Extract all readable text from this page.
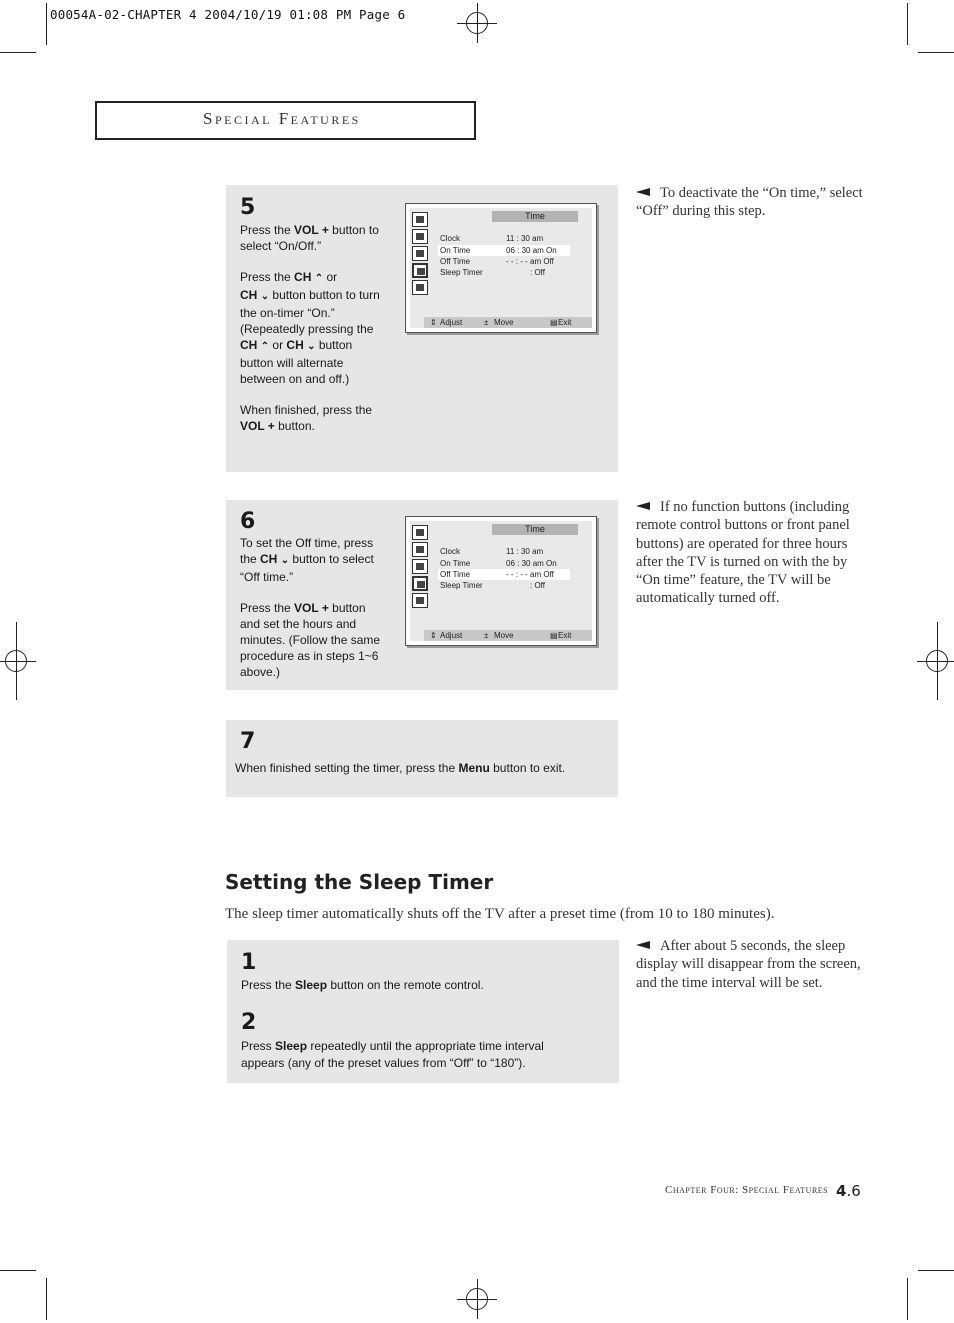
00054A-02-CHAPTER 4 2004/10/19 01:08 PM Page 6
Special Features
5

Press the VOL + button to select “On/Off.”

Press the CH ⌃ or
CH ⌄ button button to turn the on-timer “On.” (Repeatedly pressing the CH ⌃ or CH ⌄ button button will alternate between on and off.)

When finished, press the VOL + button.

Time
Clock	11 : 30 am
On Time	06 : 30 am On
Off Time	- - : - - am Off
Sleep Timer	: Off
⇕ Adjust	± Move	▤ Exit
To deactivate the “On time,” select “Off” during this step.
6

To set the Off time, press the CH ⌄ button to select “Off time.”

Press the VOL + button and set the hours and minutes. (Follow the same procedure as in steps 1~6 above.)

Time
Clock	11 : 30 am
On Time	06 : 30 am On
Off Time	- - : - - am Off
Sleep Timer	: Off
⇕ Adjust	± Move	▤ Exit
If no function buttons (including remote control buttons or front panel buttons) are operated for three hours after the TV is turned on with the by “On time” feature, the TV will be automatically turned off.
7
When finished setting the timer, press the Menu button to exit.
Setting the Sleep Timer
The sleep timer automatically shuts off the TV after a preset time (from 10 to 180 minutes).
1
Press the Sleep button on the remote control.
2
Press Sleep repeatedly until the appropriate time interval appears (any of the preset values from “Off” to “180”).
After about 5 seconds, the sleep display will disappear from the screen, and the time interval will be set.
Chapter Four: Special Features 4.6
